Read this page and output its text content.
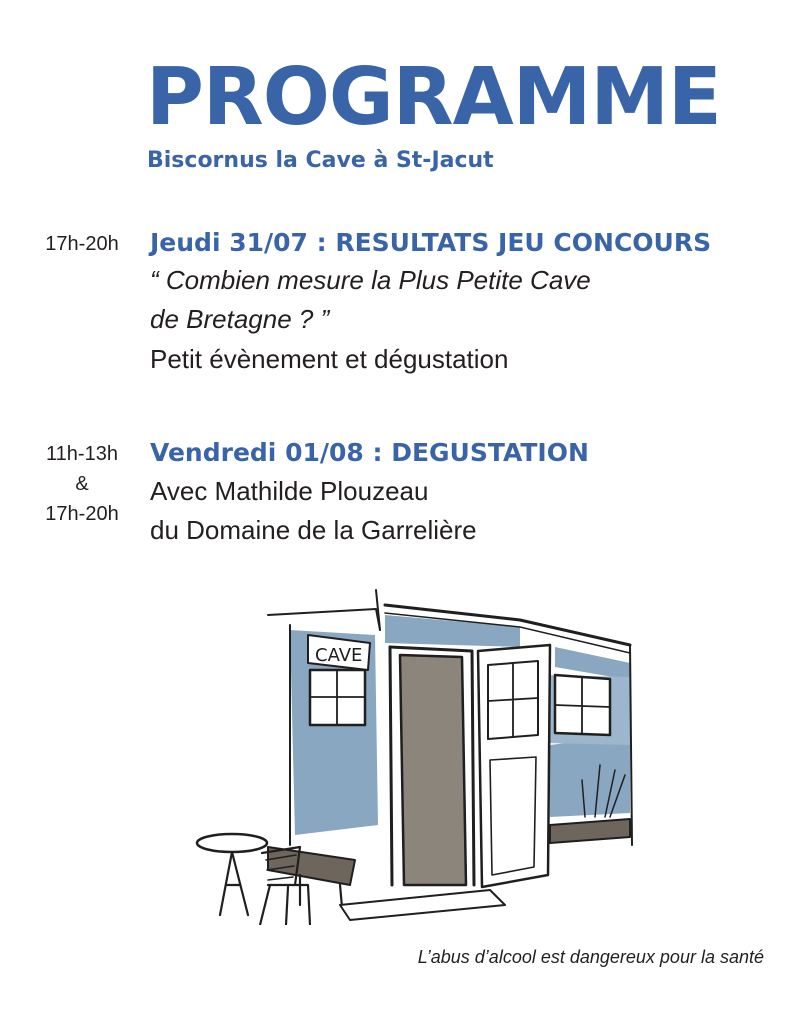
PROGRAMME
Biscornus la Cave à St-Jacut
17h-20h	Jeudi 31/07 : RESULTATS JEU CONCOURS
“ Combien mesure la Plus Petite Cave
de Bretagne ? ”
Petit évènement et dégustation
11h-13h
&
17h-20h
Vendredi 01/08 : DEGUSTATION
Avec Mathilde Plouzeau
du Domaine de la Garrelière
CAVE
L’abus d’alcool est dangereux pour la santé
